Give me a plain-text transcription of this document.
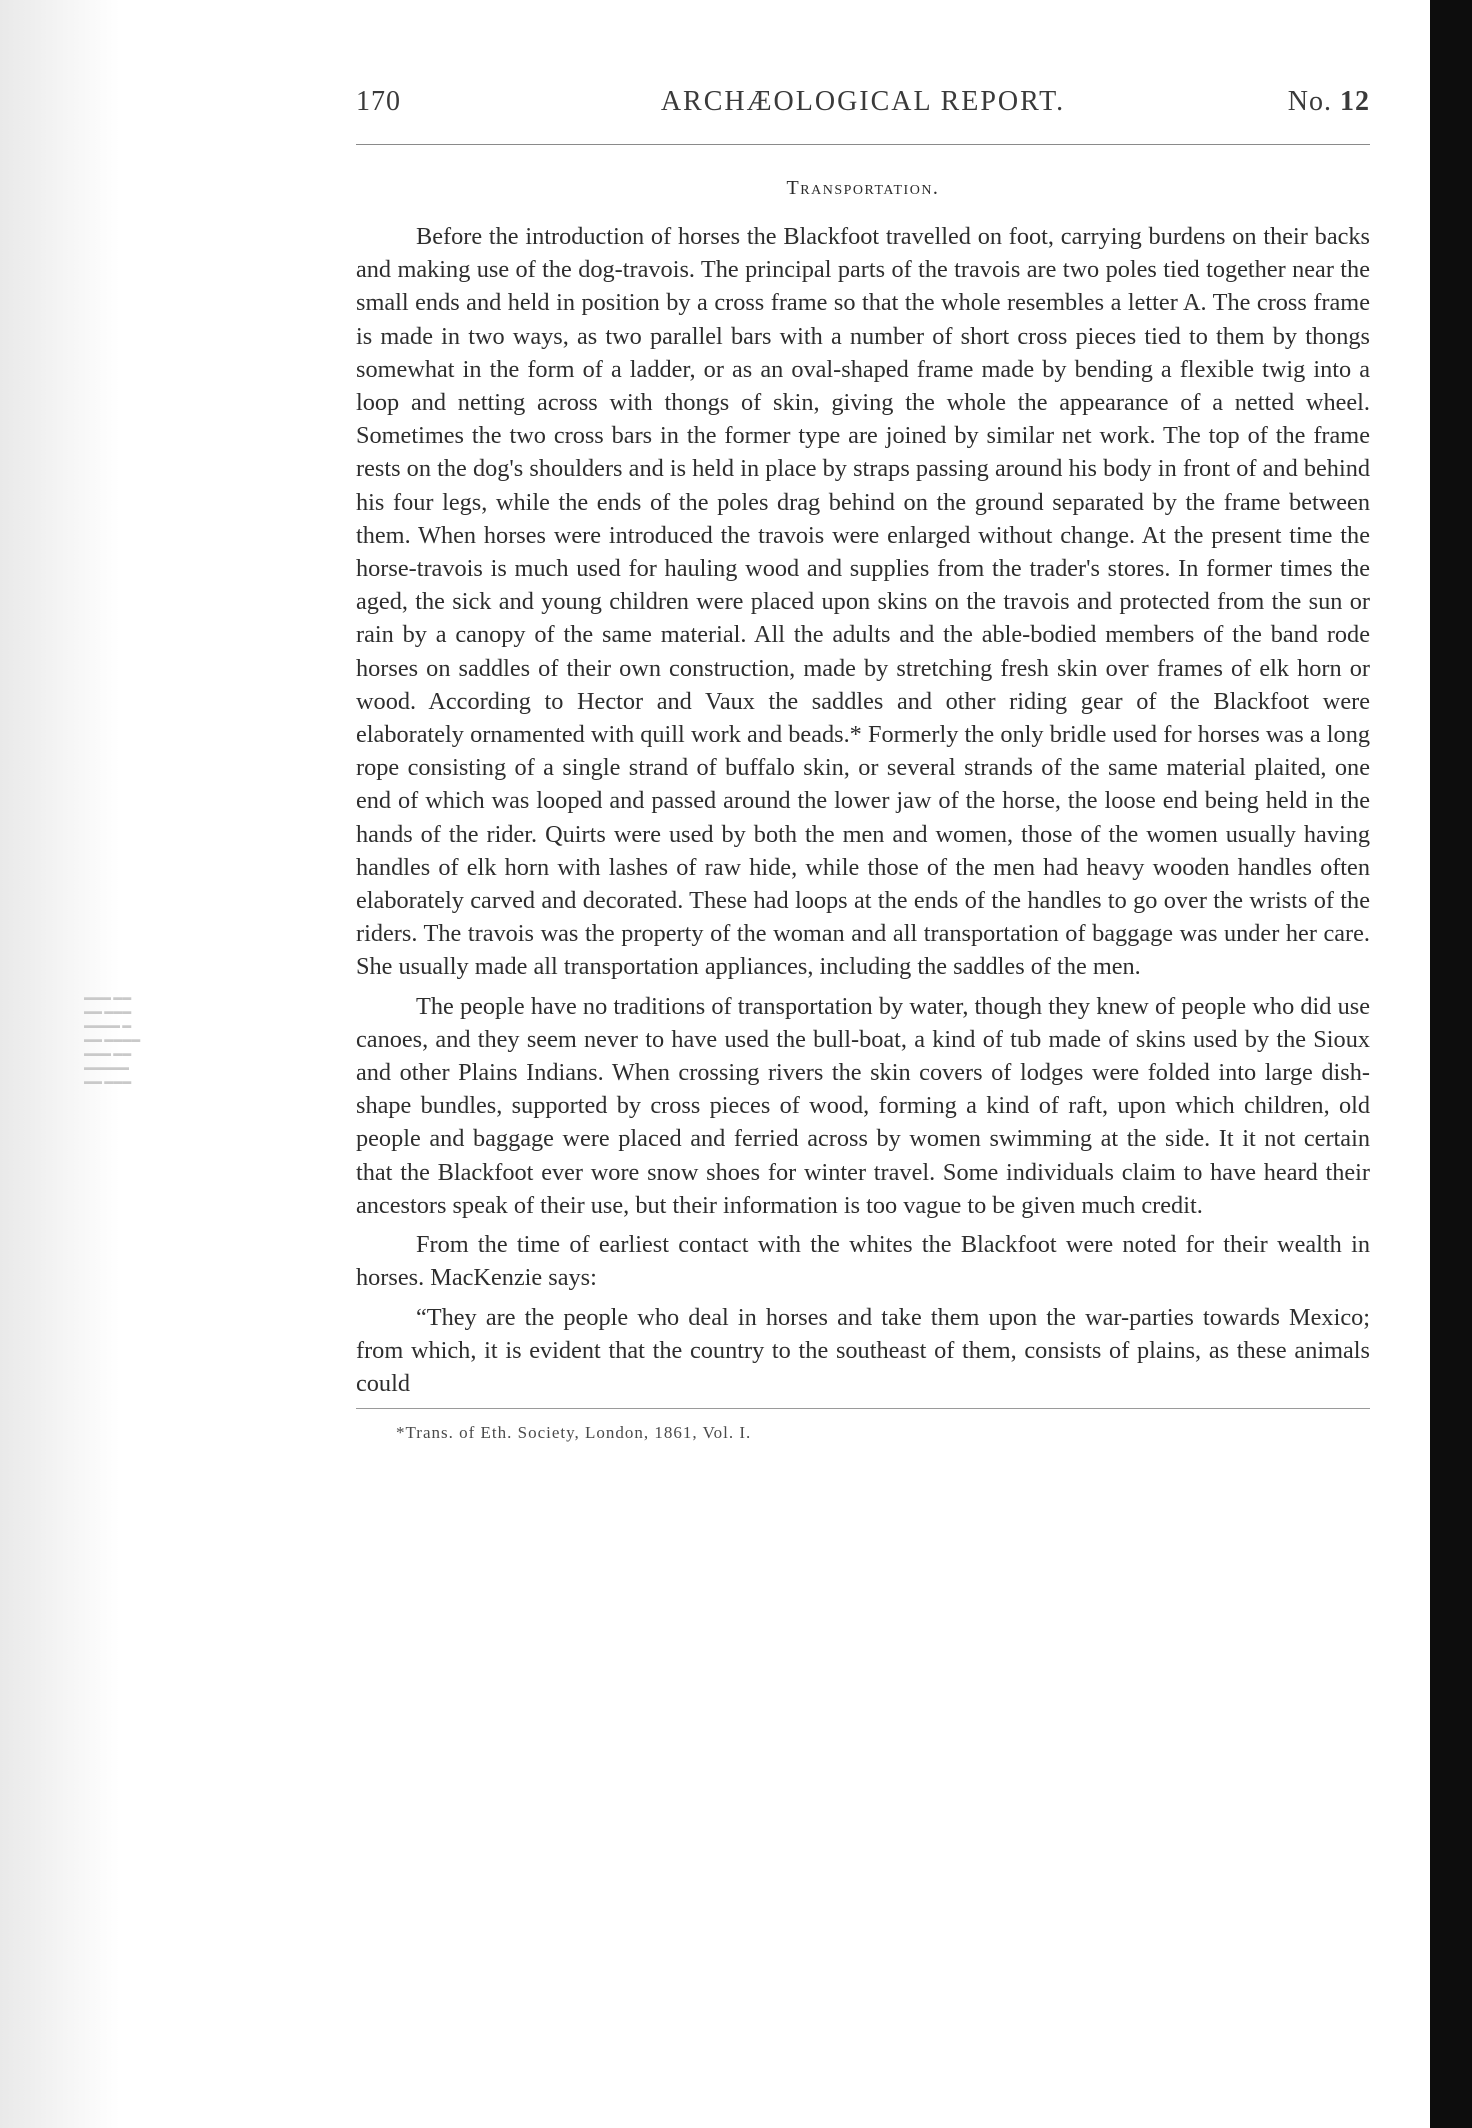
▬▬▬ ▬▬
▬▬ ▬▬▬
▬▬▬▬ ▬
▬▬ ▬▬▬▬
▬▬▬ ▬▬
▬▬▬▬▬
▬▬ ▬▬▬
170	ARCHÆOLOGICAL REPORT.	No. 12
Transportation.

Before the introduction of horses the Blackfoot travelled on foot, carrying burdens on their backs and making use of the dog-travois. The principal parts of the travois are two poles tied together near the small ends and held in position by a cross frame so that the whole resembles a letter A. The cross frame is made in two ways, as two parallel bars with a number of short cross pieces tied to them by thongs somewhat in the form of a ladder, or as an oval-shaped frame made by bending a flexible twig into a loop and netting across with thongs of skin, giving the whole the appearance of a netted wheel. Sometimes the two cross bars in the former type are joined by similar net work. The top of the frame rests on the dog's shoulders and is held in place by straps passing around his body in front of and behind his four legs, while the ends of the poles drag behind on the ground separated by the frame between them. When horses were introduced the travois were enlarged without change. At the present time the horse-travois is much used for hauling wood and supplies from the trader's stores. In former times the aged, the sick and young children were placed upon skins on the travois and protected from the sun or rain by a canopy of the same material. All the adults and the able-bodied members of the band rode horses on saddles of their own construction, made by stretching fresh skin over frames of elk horn or wood. According to Hector and Vaux the saddles and other riding gear of the Blackfoot were elaborately ornamented with quill work and beads.* Formerly the only bridle used for horses was a long rope consisting of a single strand of buffalo skin, or several strands of the same material plaited, one end of which was looped and passed around the lower jaw of the horse, the loose end being held in the hands of the rider. Quirts were used by both the men and women, those of the women usually having handles of elk horn with lashes of raw hide, while those of the men had heavy wooden handles often elaborately carved and decorated. These had loops at the ends of the handles to go over the wrists of the riders. The travois was the property of the woman and all transportation of baggage was under her care. She usually made all transportation appliances, including the saddles of the men.

The people have no traditions of transportation by water, though they knew of people who did use canoes, and they seem never to have used the bull-boat, a kind of tub made of skins used by the Sioux and other Plains Indians. When crossing rivers the skin covers of lodges were folded into large dish-shape bundles, supported by cross pieces of wood, forming a kind of raft, upon which children, old people and baggage were placed and ferried across by women swimming at the side. It it not certain that the Blackfoot ever wore snow shoes for winter travel. Some individuals claim to have heard their ancestors speak of their use, but their information is too vague to be given much credit.

From the time of earliest contact with the whites the Blackfoot were noted for their wealth in horses. MacKenzie says:

“They are the people who deal in horses and take them upon the war-parties towards Mexico; from which, it is evident that the country to the southeast of them, consists of plains, as these animals could

*Trans. of Eth. Society, London, 1861, Vol. I.
